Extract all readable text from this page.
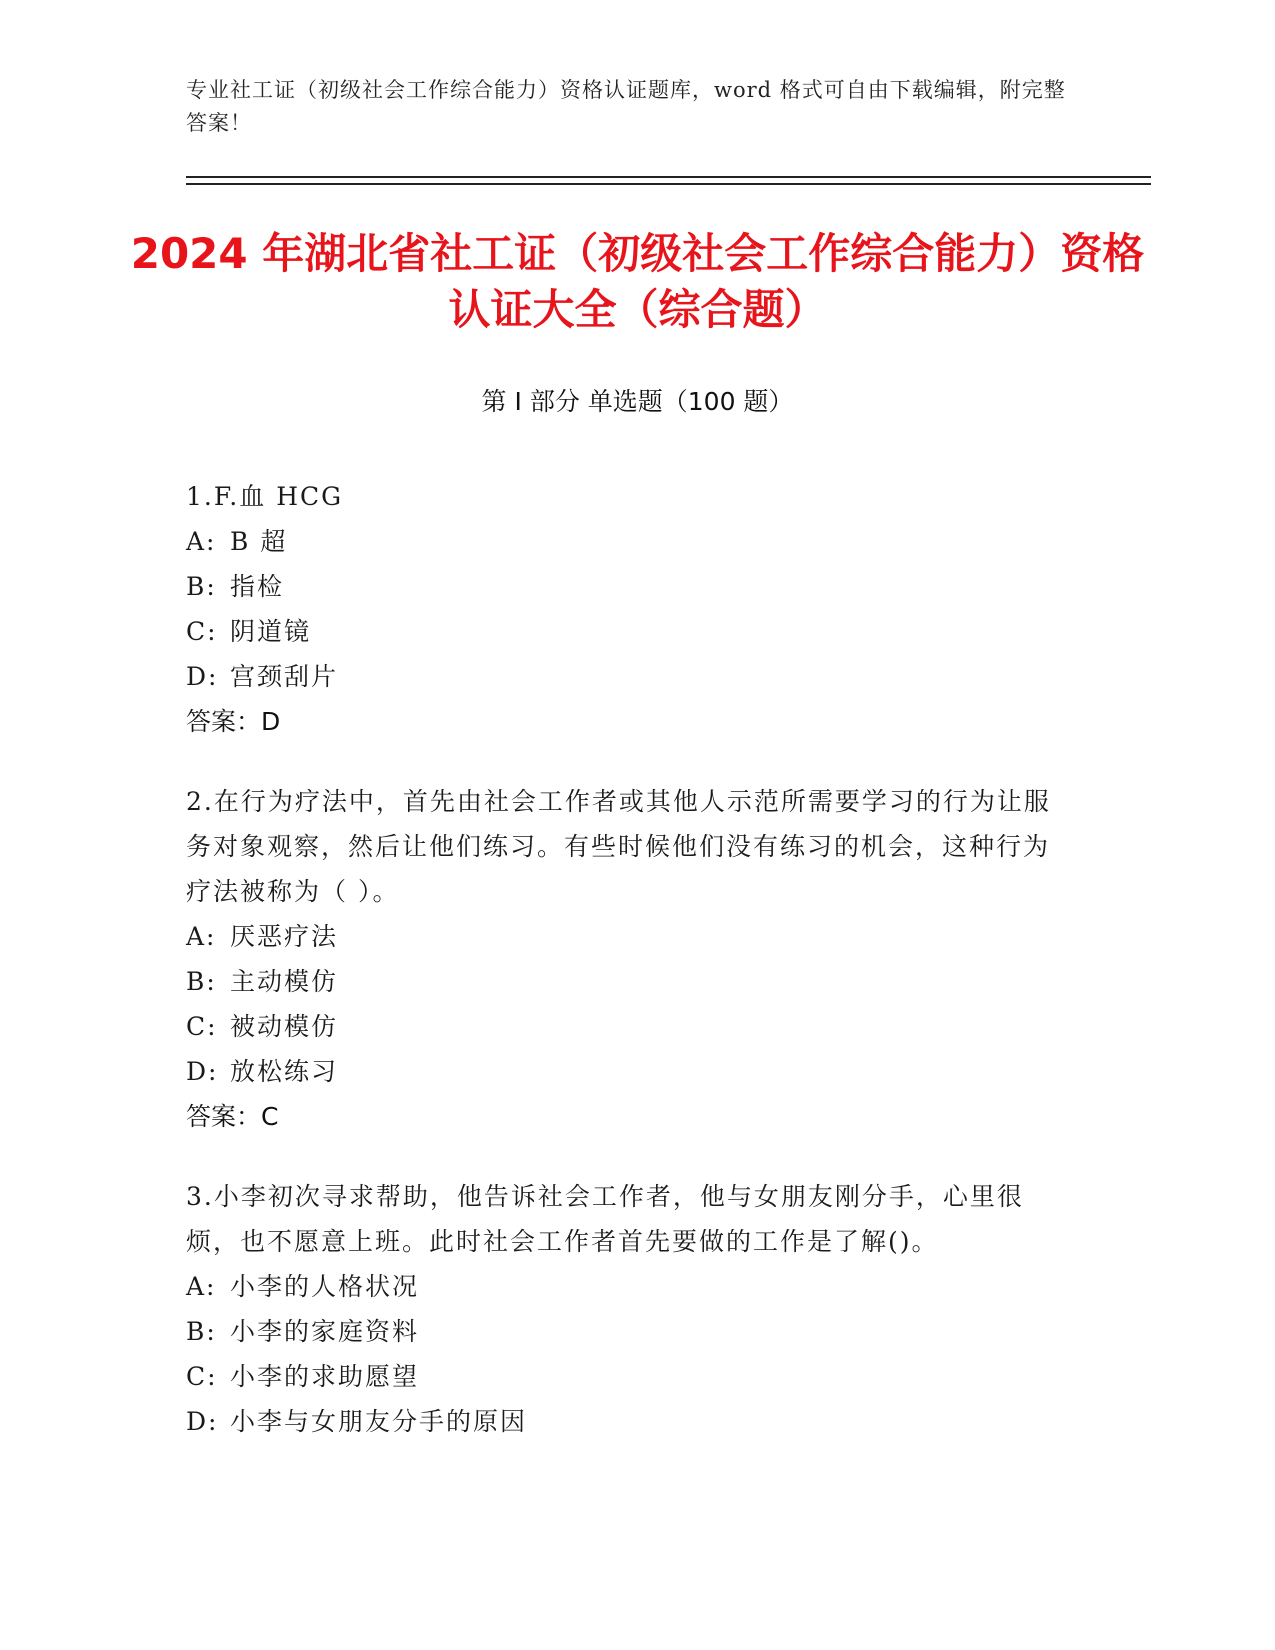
专业社工证（初级社会工作综合能力）资格认证题库，word 格式可自由下载编辑，附完整答案！
2024 年湖北省社工证（初级社会工作综合能力）资格认证大全（综合题）
第 I 部分 单选题（100 题）
1.F.血 HCG
A: B 超
B: 指检
C: 阴道镜
D: 宫颈刮片
答案：D
2.在行为疗法中，首先由社会工作者或其他人示范所需要学习的行为让服务对象观察，然后让他们练习。有些时候他们没有练习的机会，这种行为疗法被称为（ ）。
A: 厌恶疗法
B: 主动模仿
C: 被动模仿
D: 放松练习
答案：C
3.小李初次寻求帮助，他告诉社会工作者，他与女朋友刚分手，心里很烦，也不愿意上班。此时社会工作者首先要做的工作是了解()。
A: 小李的人格状况
B: 小李的家庭资料
C: 小李的求助愿望
D: 小李与女朋友分手的原因
